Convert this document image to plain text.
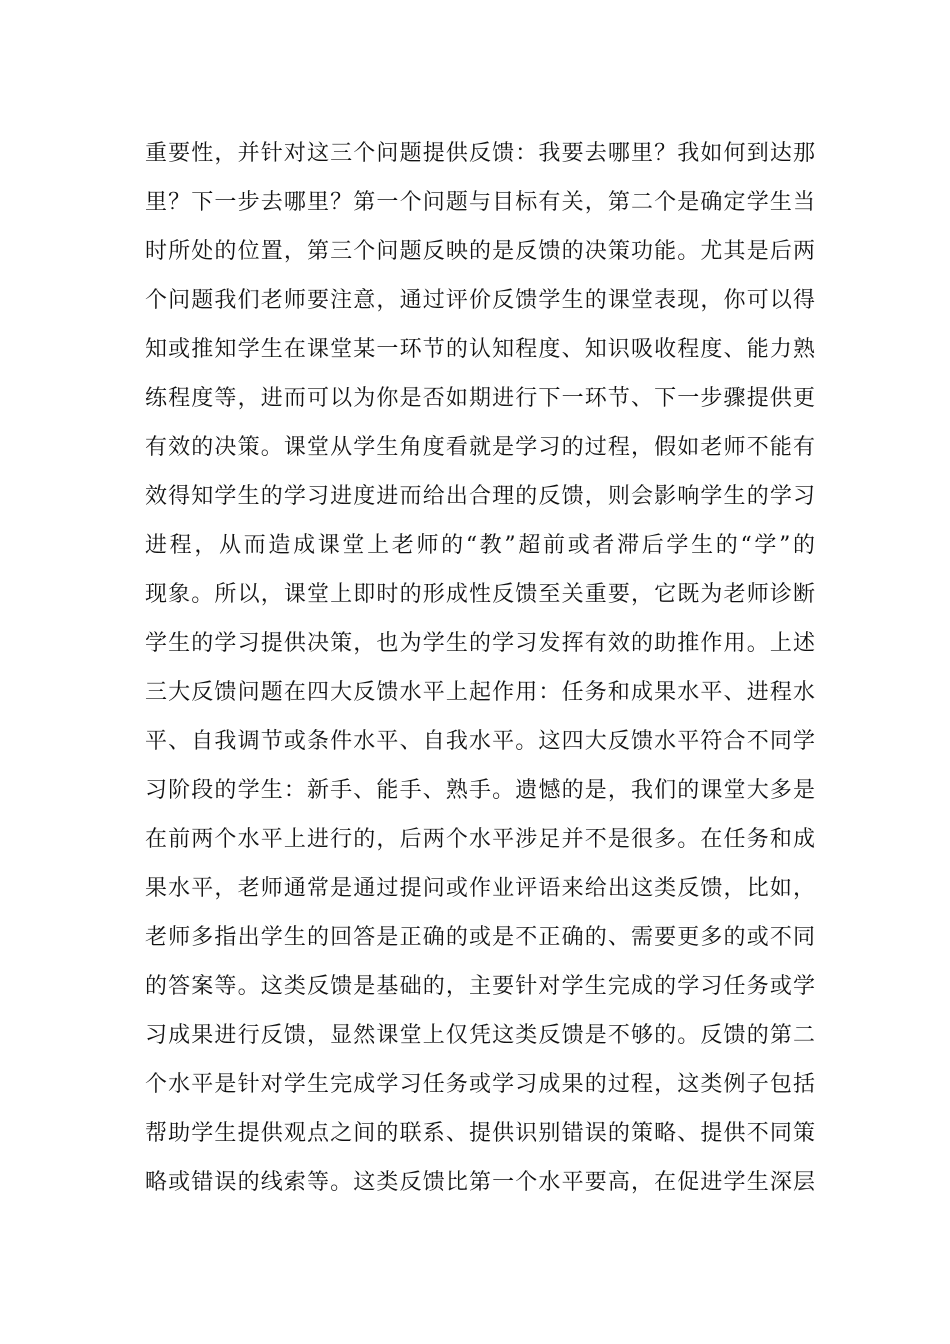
重要性，并针对这三个问题提供反馈：我要去哪里？我如何到达那
里？下一步去哪里？第一个问题与目标有关，第二个是确定学生当
时所处的位置，第三个问题反映的是反馈的决策功能。尤其是后两
个问题我们老师要注意，通过评价反馈学生的课堂表现，你可以得
知或推知学生在课堂某一环节的认知程度、知识吸收程度、能力熟
练程度等，进而可以为你是否如期进行下一环节、下一步骤提供更
有效的决策。课堂从学生角度看就是学习的过程，假如老师不能有
效得知学生的学习进度进而给出合理的反馈，则会影响学生的学习
进程，从而造成课堂上老师的“教”超前或者滞后学生的“学”的
现象。所以，课堂上即时的形成性反馈至关重要，它既为老师诊断
学生的学习提供决策，也为学生的学习发挥有效的助推作用。上述
三大反馈问题在四大反馈水平上起作用：任务和成果水平、进程水
平、自我调节或条件水平、自我水平。这四大反馈水平符合不同学
习阶段的学生：新手、能手、熟手。遗憾的是，我们的课堂大多是
在前两个水平上进行的，后两个水平涉足并不是很多。在任务和成
果水平，老师通常是通过提问或作业评语来给出这类反馈，比如，
老师多指出学生的回答是正确的或是不正确的、需要更多的或不同
的答案等。这类反馈是基础的，主要针对学生完成的学习任务或学
习成果进行反馈，显然课堂上仅凭这类反馈是不够的。反馈的第二
个水平是针对学生完成学习任务或学习成果的过程，这类例子包括
帮助学生提供观点之间的联系、提供识别错误的策略、提供不同策
略或错误的线索等。这类反馈比第一个水平要高，在促进学生深层
